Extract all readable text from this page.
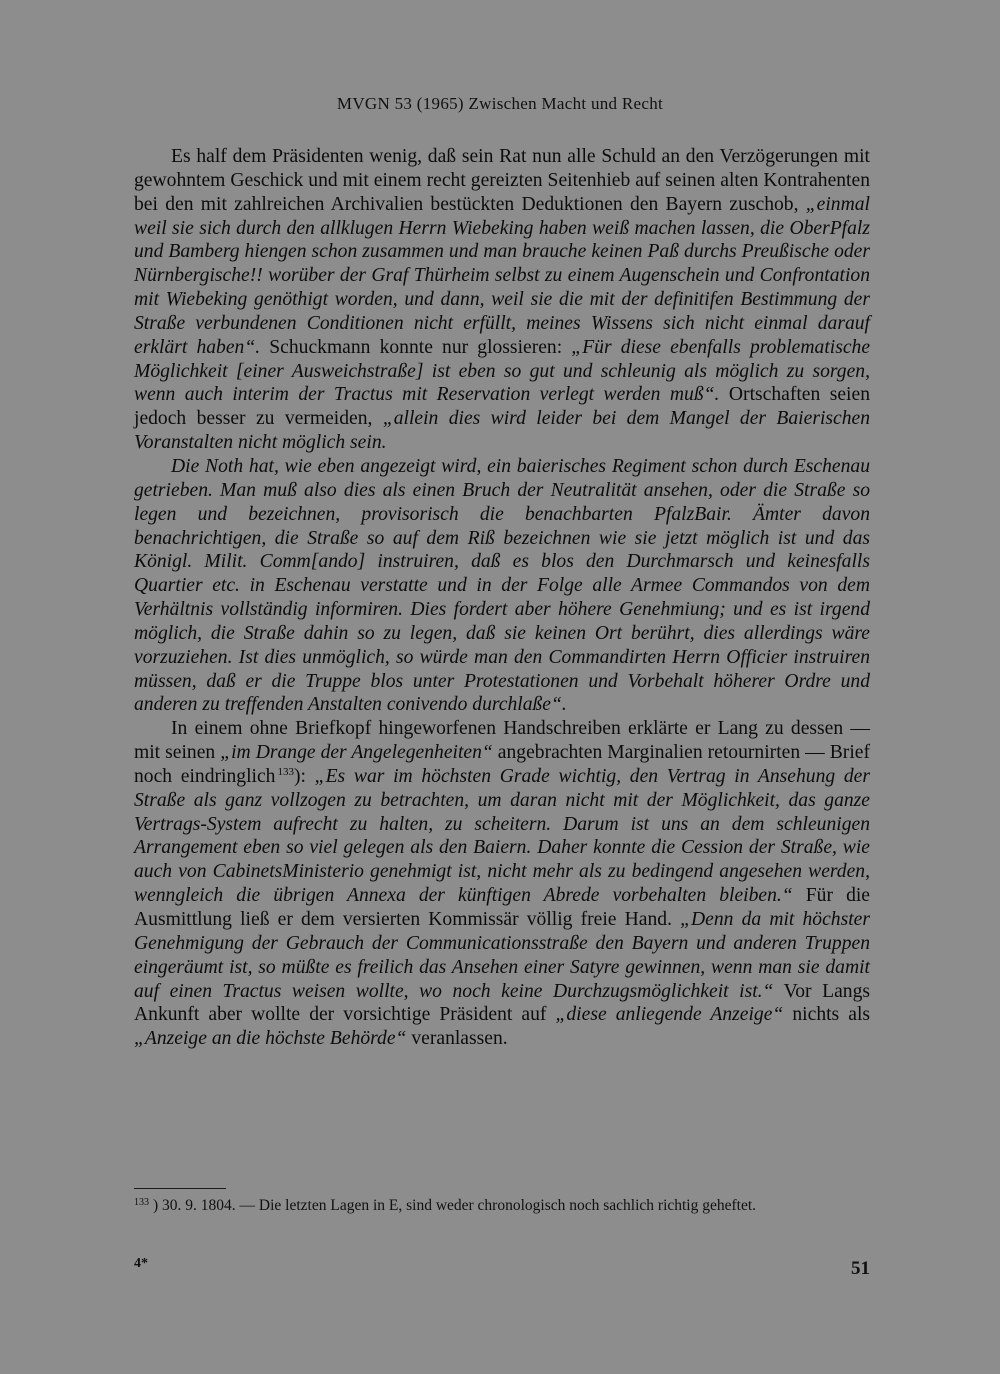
MVGN 53 (1965) Zwischen Macht und Recht

Es half dem Präsidenten wenig, daß sein Rat nun alle Schuld an den Verzögerungen mit gewohntem Geschick und mit einem recht gereizten Seitenhieb auf seinen alten Kontrahenten bei den mit zahlreichen Archivalien bestückten Deduktionen den Bayern zuschob, „einmal weil sie sich durch den allklugen Herrn Wiebeking haben weiß machen lassen, die OberPfalz und Bamberg hiengen schon zusammen und man brauche keinen Paß durchs Preußische oder Nürnbergische!! worüber der Graf Thürheim selbst zu einem Augenschein und Confrontation mit Wiebeking genöthigt worden, und dann, weil sie die mit der definitifen Bestimmung der Straße verbundenen Conditionen nicht erfüllt, meines Wissens sich nicht einmal darauf erklärt haben“. Schuckmann konnte nur glossieren: „Für diese ebenfalls problematische Möglichkeit [einer Ausweichstraße] ist eben so gut und schleunig als möglich zu sorgen, wenn auch interim der Tractus mit Reservation verlegt werden muß“. Ortschaften seien jedoch besser zu vermeiden, „allein dies wird leider bei dem Mangel der Baierischen Voranstalten nicht möglich sein.

Die Noth hat, wie eben angezeigt wird, ein baierisches Regiment schon durch Eschenau getrieben. Man muß also dies als einen Bruch der Neutralität ansehen, oder die Straße so legen und bezeichnen, provisorisch die benachbarten PfalzBair. Ämter davon benachrichtigen, die Straße so auf dem Riß bezeichnen wie sie jetzt möglich ist und das Königl. Milit. Comm[ando] instruiren, daß es blos den Durchmarsch und keinesfalls Quartier etc. in Eschenau verstatte und in der Folge alle Armee Commandos von dem Verhältnis vollständig informiren. Dies fordert aber höhere Genehmiung; und es ist irgend möglich, die Straße dahin so zu legen, daß sie keinen Ort berührt, dies allerdings wäre vorzuziehen. Ist dies unmöglich, so würde man den Commandirten Herrn Officier instruiren müssen, daß er die Truppe blos unter Protestationen und Vorbehalt höherer Ordre und anderen zu treffenden Anstalten conivendo durchlaße“.

In einem ohne Briefkopf hingeworfenen Handschreiben erklärte er Lang zu dessen — mit seinen „im Drange der Angelegenheiten“ angebrachten Marginalien retournirten — Brief noch eindringlich $^{133}$): „Es war im höchsten Grade wichtig, den Vertrag in Ansehung der Straße als ganz vollzogen zu betrachten, um daran nicht mit der Möglichkeit, das ganze Vertrags-System aufrecht zu halten, zu scheitern. Darum ist uns an dem schleunigen Arrangement eben so viel gelegen als den Baiern. Daher konnte die Cession der Straße, wie auch von CabinetsMinisterio genehmigt ist, nicht mehr als zu bedingend angesehen werden, wenngleich die übrigen Annexa der künftigen Abrede vorbehalten bleiben.“ Für die Ausmittlung ließ er dem versierten Kommissär völlig freie Hand. „Denn da mit höchster Genehmigung der Gebrauch der Communicationsstraße den Bayern und anderen Truppen eingeräumt ist, so müßte es freilich das Ansehen einer Satyre gewinnen, wenn man sie damit auf einen Tractus weisen wollte, wo noch keine Durchzugsmöglichkeit ist.“ Vor Langs Ankunft aber wollte der vorsichtige Präsident auf „diese anliegende Anzeige“ nichts als „Anzeige an die höchste Behörde“ veranlassen.

$^{133}$ ) 30. 9. 1804. — Die letzten Lagen in E, sind weder chronologisch noch sachlich richtig geheftet.
4*	51
